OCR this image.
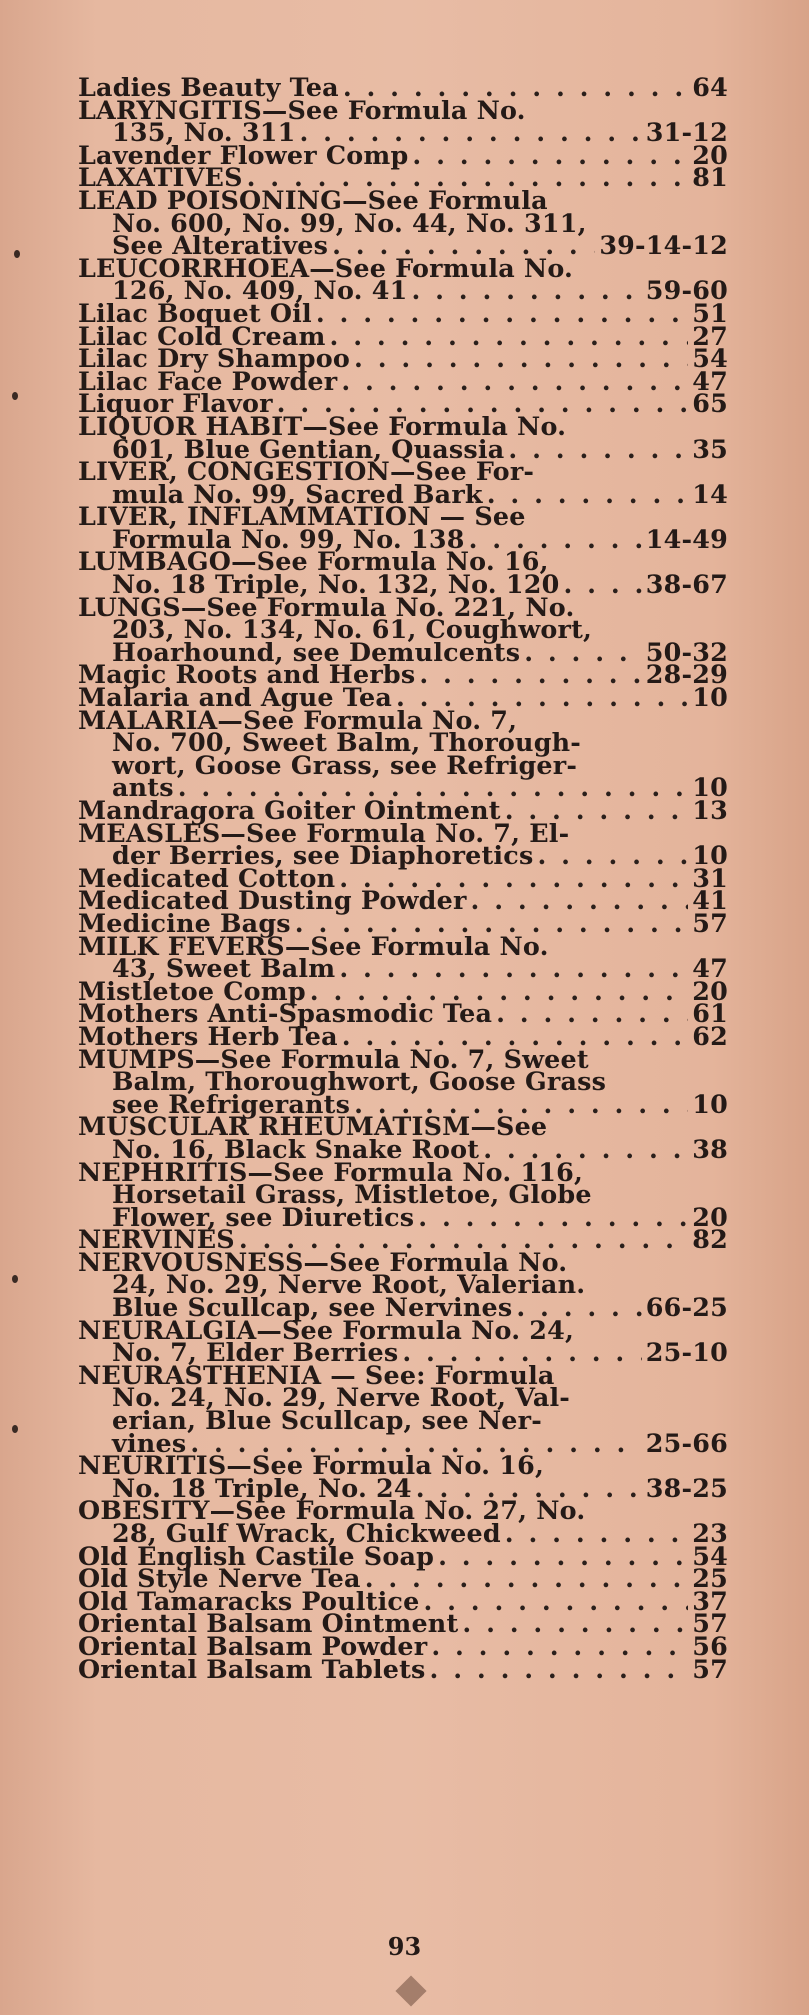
Ladies Beauty Tea . . .	64
LARYNGITIS—See Formula No.
135, No. 311 . . .	31-12
Lavender Flower Comp . . .	20
LAXATIVES . . .	81
LEAD POISONING—See Formula
No. 600, No. 99, No. 44, No. 311,
See Alteratives . . .	39-14-12
LEUCORRHOEA—See Formula No.
126, No. 409, No. 41 . . .	59-60
Lilac Boquet Oil . . .	51
Lilac Cold Cream . . .	27
Lilac Dry Shampoo . . .	54
Lilac Face Powder . . .	47
Liquor Flavor . . .	65
LIQUOR HABIT—See Formula No.
601, Blue Gentian, Quassia . . .	35
LIVER, CONGESTION—See For-
mula No. 99, Sacred Bark . . .	14
LIVER, INFLAMMATION — See
Formula No. 99, No. 138 . . .	14-49
LUMBAGO—See Formula No. 16,
No. 18 Triple, No. 132, No. 120 . . .	38-67
LUNGS—See Formula No. 221, No.
203, No. 134, No. 61, Coughwort,
Hoarhound, see Demulcents . . .	50-32
Magic Roots and Herbs . . .	28-29
Malaria and Ague Tea . . .	10
MALARIA—See Formula No. 7,
No. 700, Sweet Balm, Thorough-
wort, Goose Grass, see Refriger-
ants . . .	10
Mandragora Goiter Ointment . . .	13
MEASLES—See Formula No. 7, El-
der Berries, see Diaphoretics . . .	10
Medicated Cotton . . .	31
Medicated Dusting Powder . . .	41
Medicine Bags . . .	57
MILK FEVERS—See Formula No.
43, Sweet Balm . . .	47
Mistletoe Comp . . .	20
Mothers Anti-Spasmodic Tea . . .	61
Mothers Herb Tea . . .	62
MUMPS—See Formula No. 7, Sweet
Balm, Thoroughwort, Goose Grass
see Refrigerants . . .	10
MUSCULAR RHEUMATISM—See
No. 16, Black Snake Root . . .	38
NEPHRITIS—See Formula No. 116,
Horsetail Grass, Mistletoe, Globe
Flower, see Diuretics . . .	20
NERVINES . . .	82
NERVOUSNESS—See Formula No.
24, No. 29, Nerve Root, Valerian.
Blue Scullcap, see Nervines . . .	66-25
NEURALGIA—See Formula No. 24,
No. 7, Elder Berries . . .	25-10
NEURASTHENIA — See: Formula
No. 24, No. 29, Nerve Root, Val-
erian, Blue Scullcap, see Ner-
vines . . .	25-66
NEURITIS—See Formula No. 16,
No. 18 Triple, No. 24 . . .	38-25
OBESITY—See Formula No. 27, No.
28, Gulf Wrack, Chickweed . . .	23
Old English Castile Soap . . .	54
Old Style Nerve Tea . . .	25
Old Tamaracks Poultice . . .	37
Oriental Balsam Ointment . . .	57
Oriental Balsam Powder . . .	56
Oriental Balsam Tablets . . .	57
93
